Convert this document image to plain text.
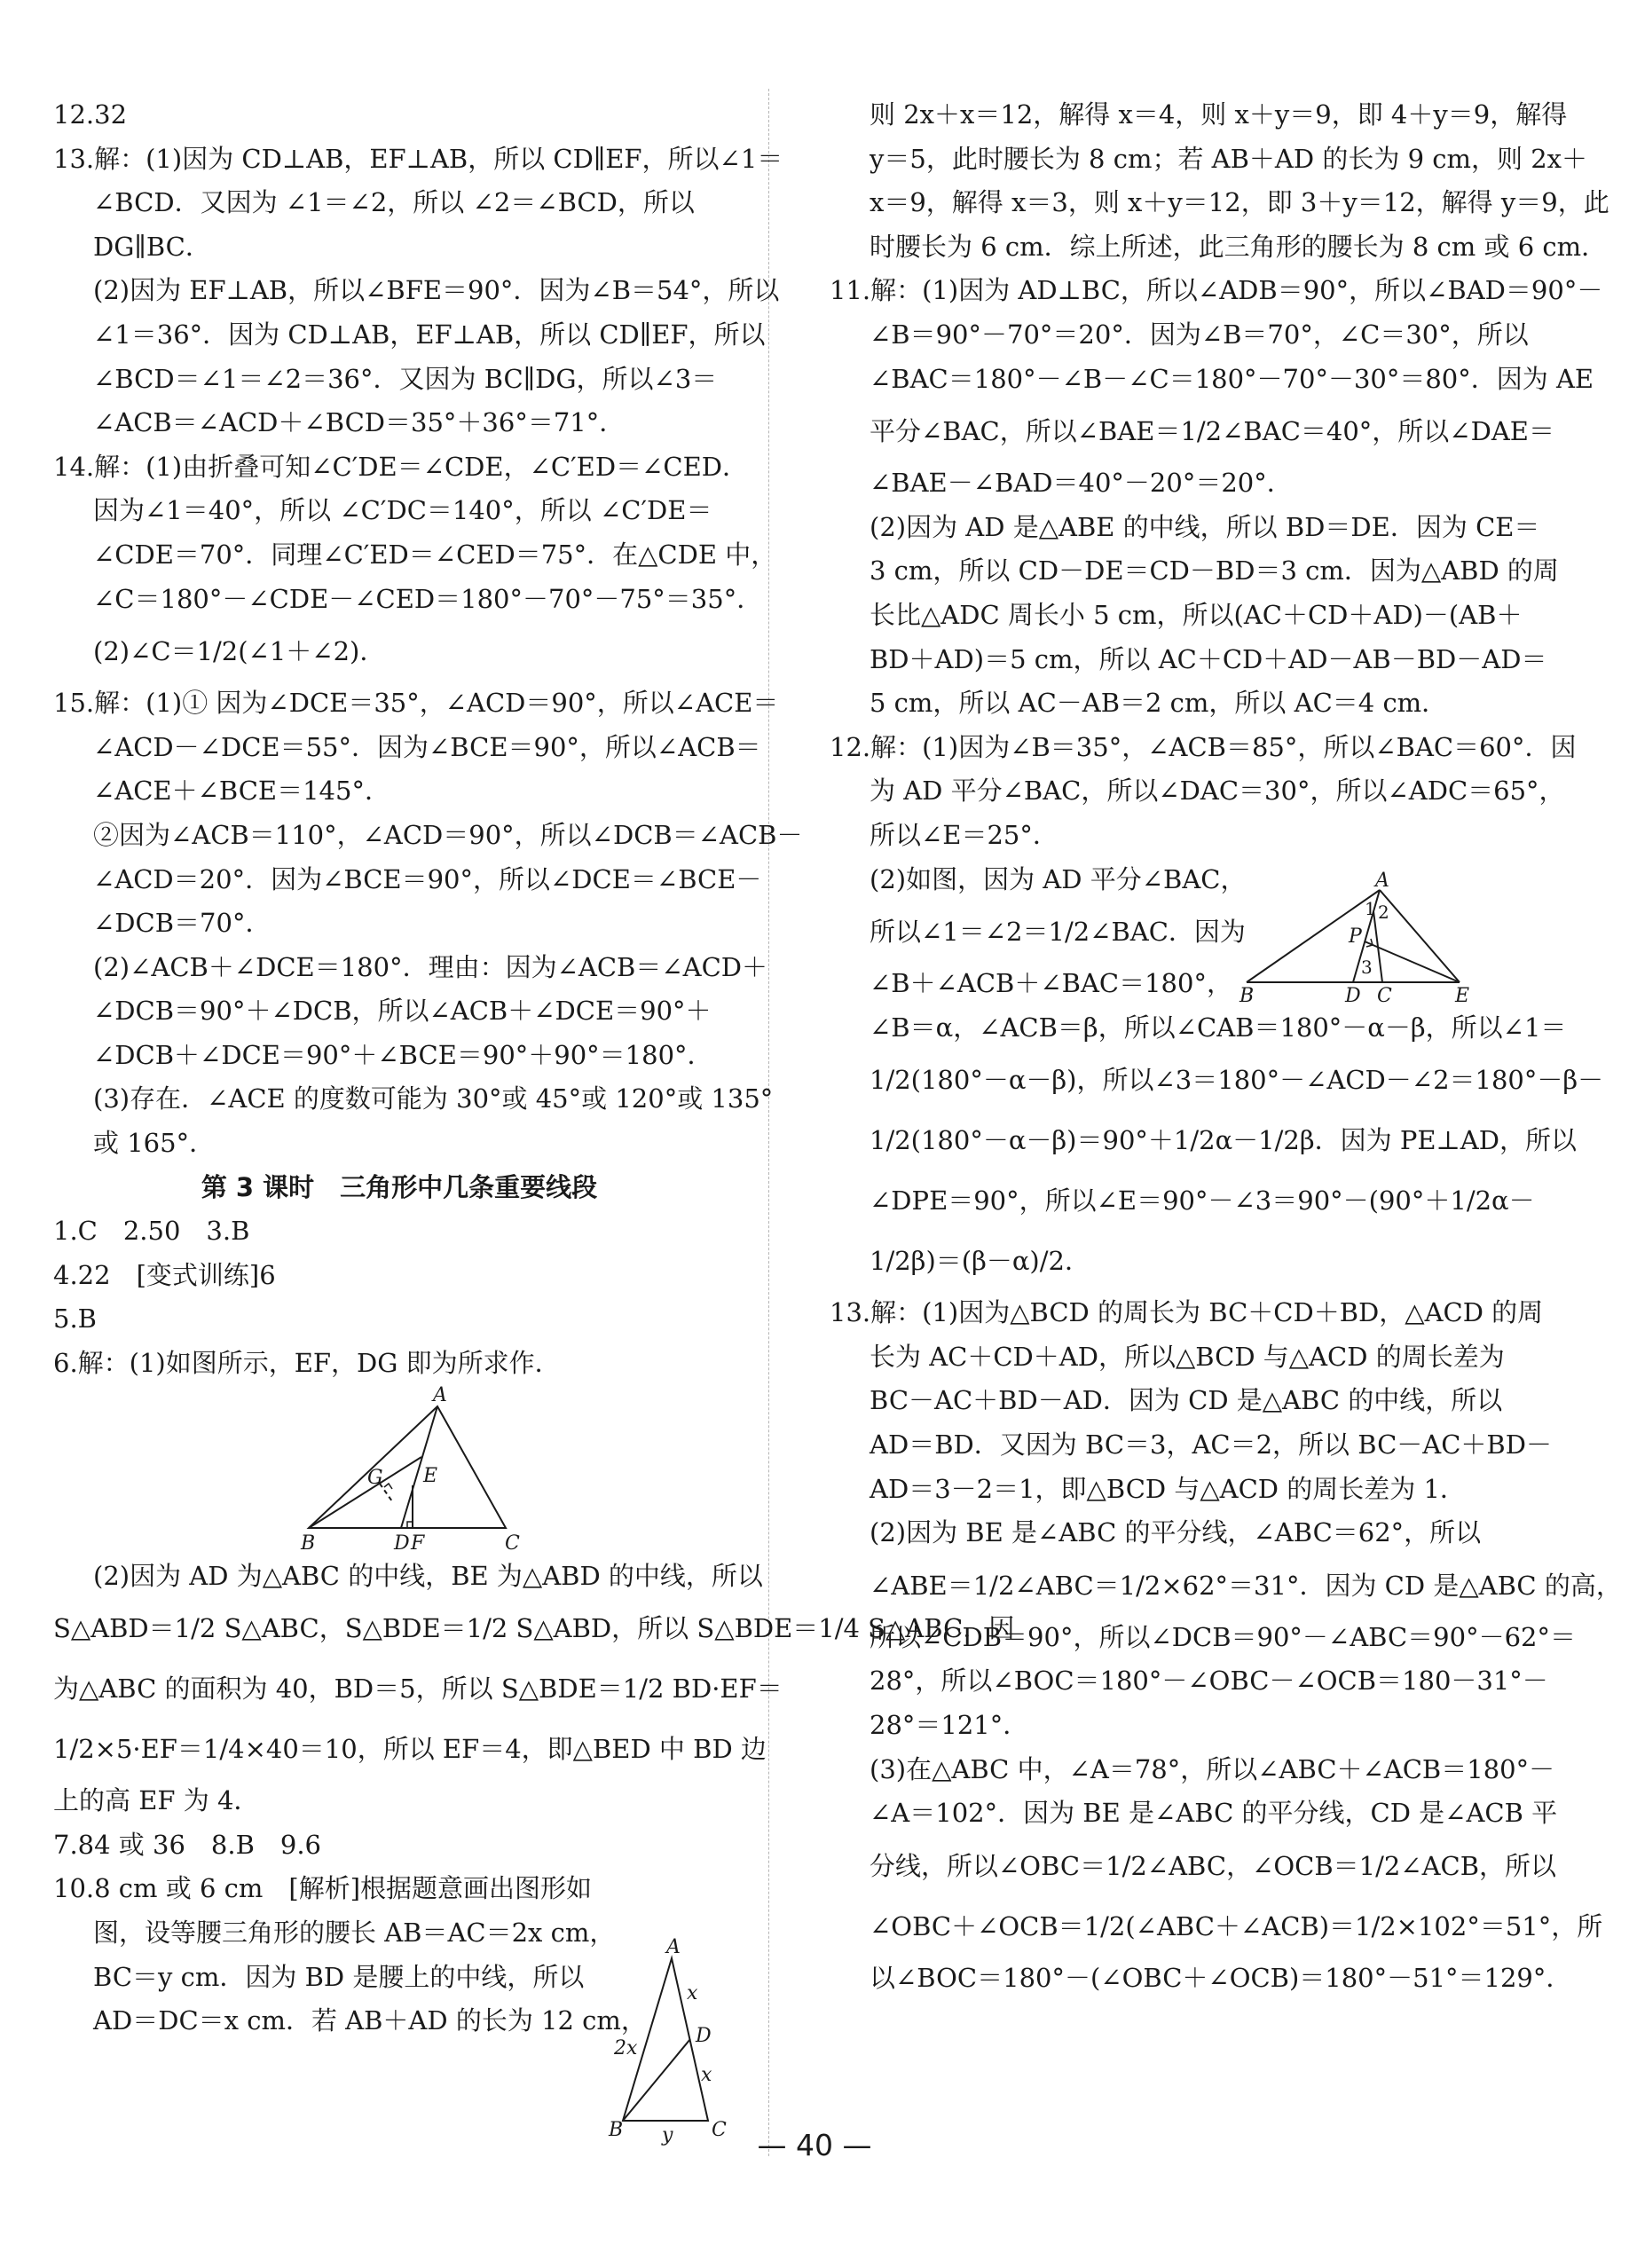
12.32
13.解：(1)因为 CD⊥AB，EF⊥AB，所以 CD∥EF，所以∠1＝
∠BCD．又因为 ∠1＝∠2，所以 ∠2＝∠BCD，所以
DG∥BC．
(2)因为 EF⊥AB，所以∠BFE＝90°．因为∠B＝54°，所以
∠1＝36°．因为 CD⊥AB，EF⊥AB，所以 CD∥EF，所以
∠BCD＝∠1＝∠2＝36°．又因为 BC∥DG，所以∠3＝
∠ACB＝∠ACD＋∠BCD＝35°＋36°＝71°．
14.解：(1)由折叠可知∠C′DE＝∠CDE，∠C′ED＝∠CED．
因为∠1＝40°，所以 ∠C′DC＝140°，所以 ∠C′DE＝
∠CDE＝70°．同理∠C′ED＝∠CED＝75°．在△CDE 中，
∠C＝180°－∠CDE－∠CED＝180°－70°－75°＝35°．
(2)∠C＝1/2(∠1＋∠2)．
15.解：(1)① 因为∠DCE＝35°，∠ACD＝90°，所以∠ACE＝
∠ACD－∠DCE＝55°．因为∠BCE＝90°，所以∠ACB＝
∠ACE＋∠BCE＝145°．
②因为∠ACB＝110°，∠ACD＝90°，所以∠DCB＝∠ACB－
∠ACD＝20°．因为∠BCE＝90°，所以∠DCE＝∠BCE－
∠DCB＝70°．
(2)∠ACB＋∠DCE＝180°．理由：因为∠ACB＝∠ACD＋
∠DCB＝90°＋∠DCB，所以∠ACB＋∠DCE＝90°＋
∠DCB＋∠DCE＝90°＋∠BCE＝90°＋90°＝180°．
(3)存在．∠ACE 的度数可能为 30°或 45°或 120°或 135°
或 165°．
第 3 课时　三角形中几条重要线段
1.C　2.50　3.B
4.22　[变式训练]6
5.B
6.解：(1)如图所示，EF，DG 即为所求作．
A
B	C
D F
E
G
(2)因为 AD 为△ABC 的中线，BE 为△ABD 的中线，所以
S△ABD＝1/2 S△ABC，S△BDE＝1/2 S△ABD，所以 S△BDE＝1/4 S△ABC．因
为△ABC 的面积为 40，BD＝5，所以 S△BDE＝1/2 BD·EF＝
1/2×5·EF＝1/4×40＝10，所以 EF＝4，即△BED 中 BD 边
上的高 EF 为 4．
7.84 或 36　8.B　9.6
10.8 cm 或 6 cm　[解析]根据题意画出图形如
图，设等腰三角形的腰长 AB＝AC＝2x cm，
BC＝y cm．因为 BD 是腰上的中线，所以
AD＝DC＝x cm．若 AB＋AD 的长为 12 cm，
A
B	C
D
x
x
2x
y
则 2x＋x＝12，解得 x＝4，则 x＋y＝9，即 4＋y＝9，解得
y＝5，此时腰长为 8 cm；若 AB＋AD 的长为 9 cm，则 2x＋
x＝9，解得 x＝3，则 x＋y＝12，即 3＋y＝12，解得 y＝9，此
时腰长为 6 cm．综上所述，此三角形的腰长为 8 cm 或 6 cm．
11.解：(1)因为 AD⊥BC，所以∠ADB＝90°，所以∠BAD＝90°－
∠B＝90°－70°＝20°．因为∠B＝70°，∠C＝30°，所以
∠BAC＝180°－∠B－∠C＝180°－70°－30°＝80°．因为 AE
平分∠BAC，所以∠BAE＝1/2∠BAC＝40°，所以∠DAE＝
∠BAE－∠BAD＝40°－20°＝20°．
(2)因为 AD 是△ABE 的中线，所以 BD＝DE．因为 CE＝
3 cm，所以 CD－DE＝CD－BD＝3 cm．因为△ABD 的周
长比△ADC 周长小 5 cm，所以(AC＋CD＋AD)－(AB＋
BD＋AD)＝5 cm，所以 AC＋CD＋AD－AB－BD－AD＝
5 cm，所以 AC－AB＝2 cm，所以 AC＝4 cm．
12.解：(1)因为∠B＝35°，∠ACB＝85°，所以∠BAC＝60°．因
为 AD 平分∠BAC，所以∠DAC＝30°，所以∠ADC＝65°，
所以∠E＝25°．
(2)如图，因为 AD 平分∠BAC，
所以∠1＝∠2＝1/2∠BAC．因为
∠B＋∠ACB＋∠BAC＝180°，
∠B＝α，∠ACB＝β，所以∠CAB＝180°－α－β，所以∠1＝
1/2(180°－α－β)，所以∠3＝180°－∠ACD－∠2＝180°－β－
1/2(180°－α－β)＝90°＋1/2α－1/2β．因为 PE⊥AD，所以
∠DPE＝90°，所以∠E＝90°－∠3＝90°－(90°＋1/2α－
1/2β)＝(β－α)/2．
13.解：(1)因为△BCD 的周长为 BC＋CD＋BD，△ACD 的周
长为 AC＋CD＋AD，所以△BCD 与△ACD 的周长差为
BC－AC＋BD－AD．因为 CD 是△ABC 的中线，所以
AD＝BD．又因为 BC＝3，AC＝2，所以 BC－AC＋BD－
AD＝3－2＝1，即△BCD 与△ACD 的周长差为 1．
(2)因为 BE 是∠ABC 的平分线，∠ABC＝62°，所以
∠ABE＝1/2∠ABC＝1/2×62°＝31°．因为 CD 是△ABC 的高，
所以∠CDB＝90°，所以∠DCB＝90°－∠ABC＝90°－62°＝
28°，所以∠BOC＝180°－∠OBC－∠OCB＝180－31°－
28°＝121°．
(3)在△ABC 中，∠A＝78°，所以∠ABC＋∠ACB＝180°－
∠A＝102°．因为 BE 是∠ABC 的平分线，CD 是∠ACB 平
分线，所以∠OBC＝1/2∠ABC，∠OCB＝1/2∠ACB，所以
∠OBC＋∠OCB＝1/2(∠ABC＋∠ACB)＝1/2×102°＝51°，所
以∠BOC＝180°－(∠OBC＋∠OCB)＝180°－51°＝129°．
A
B	D C	E
P
1 2
3
— 40 —
